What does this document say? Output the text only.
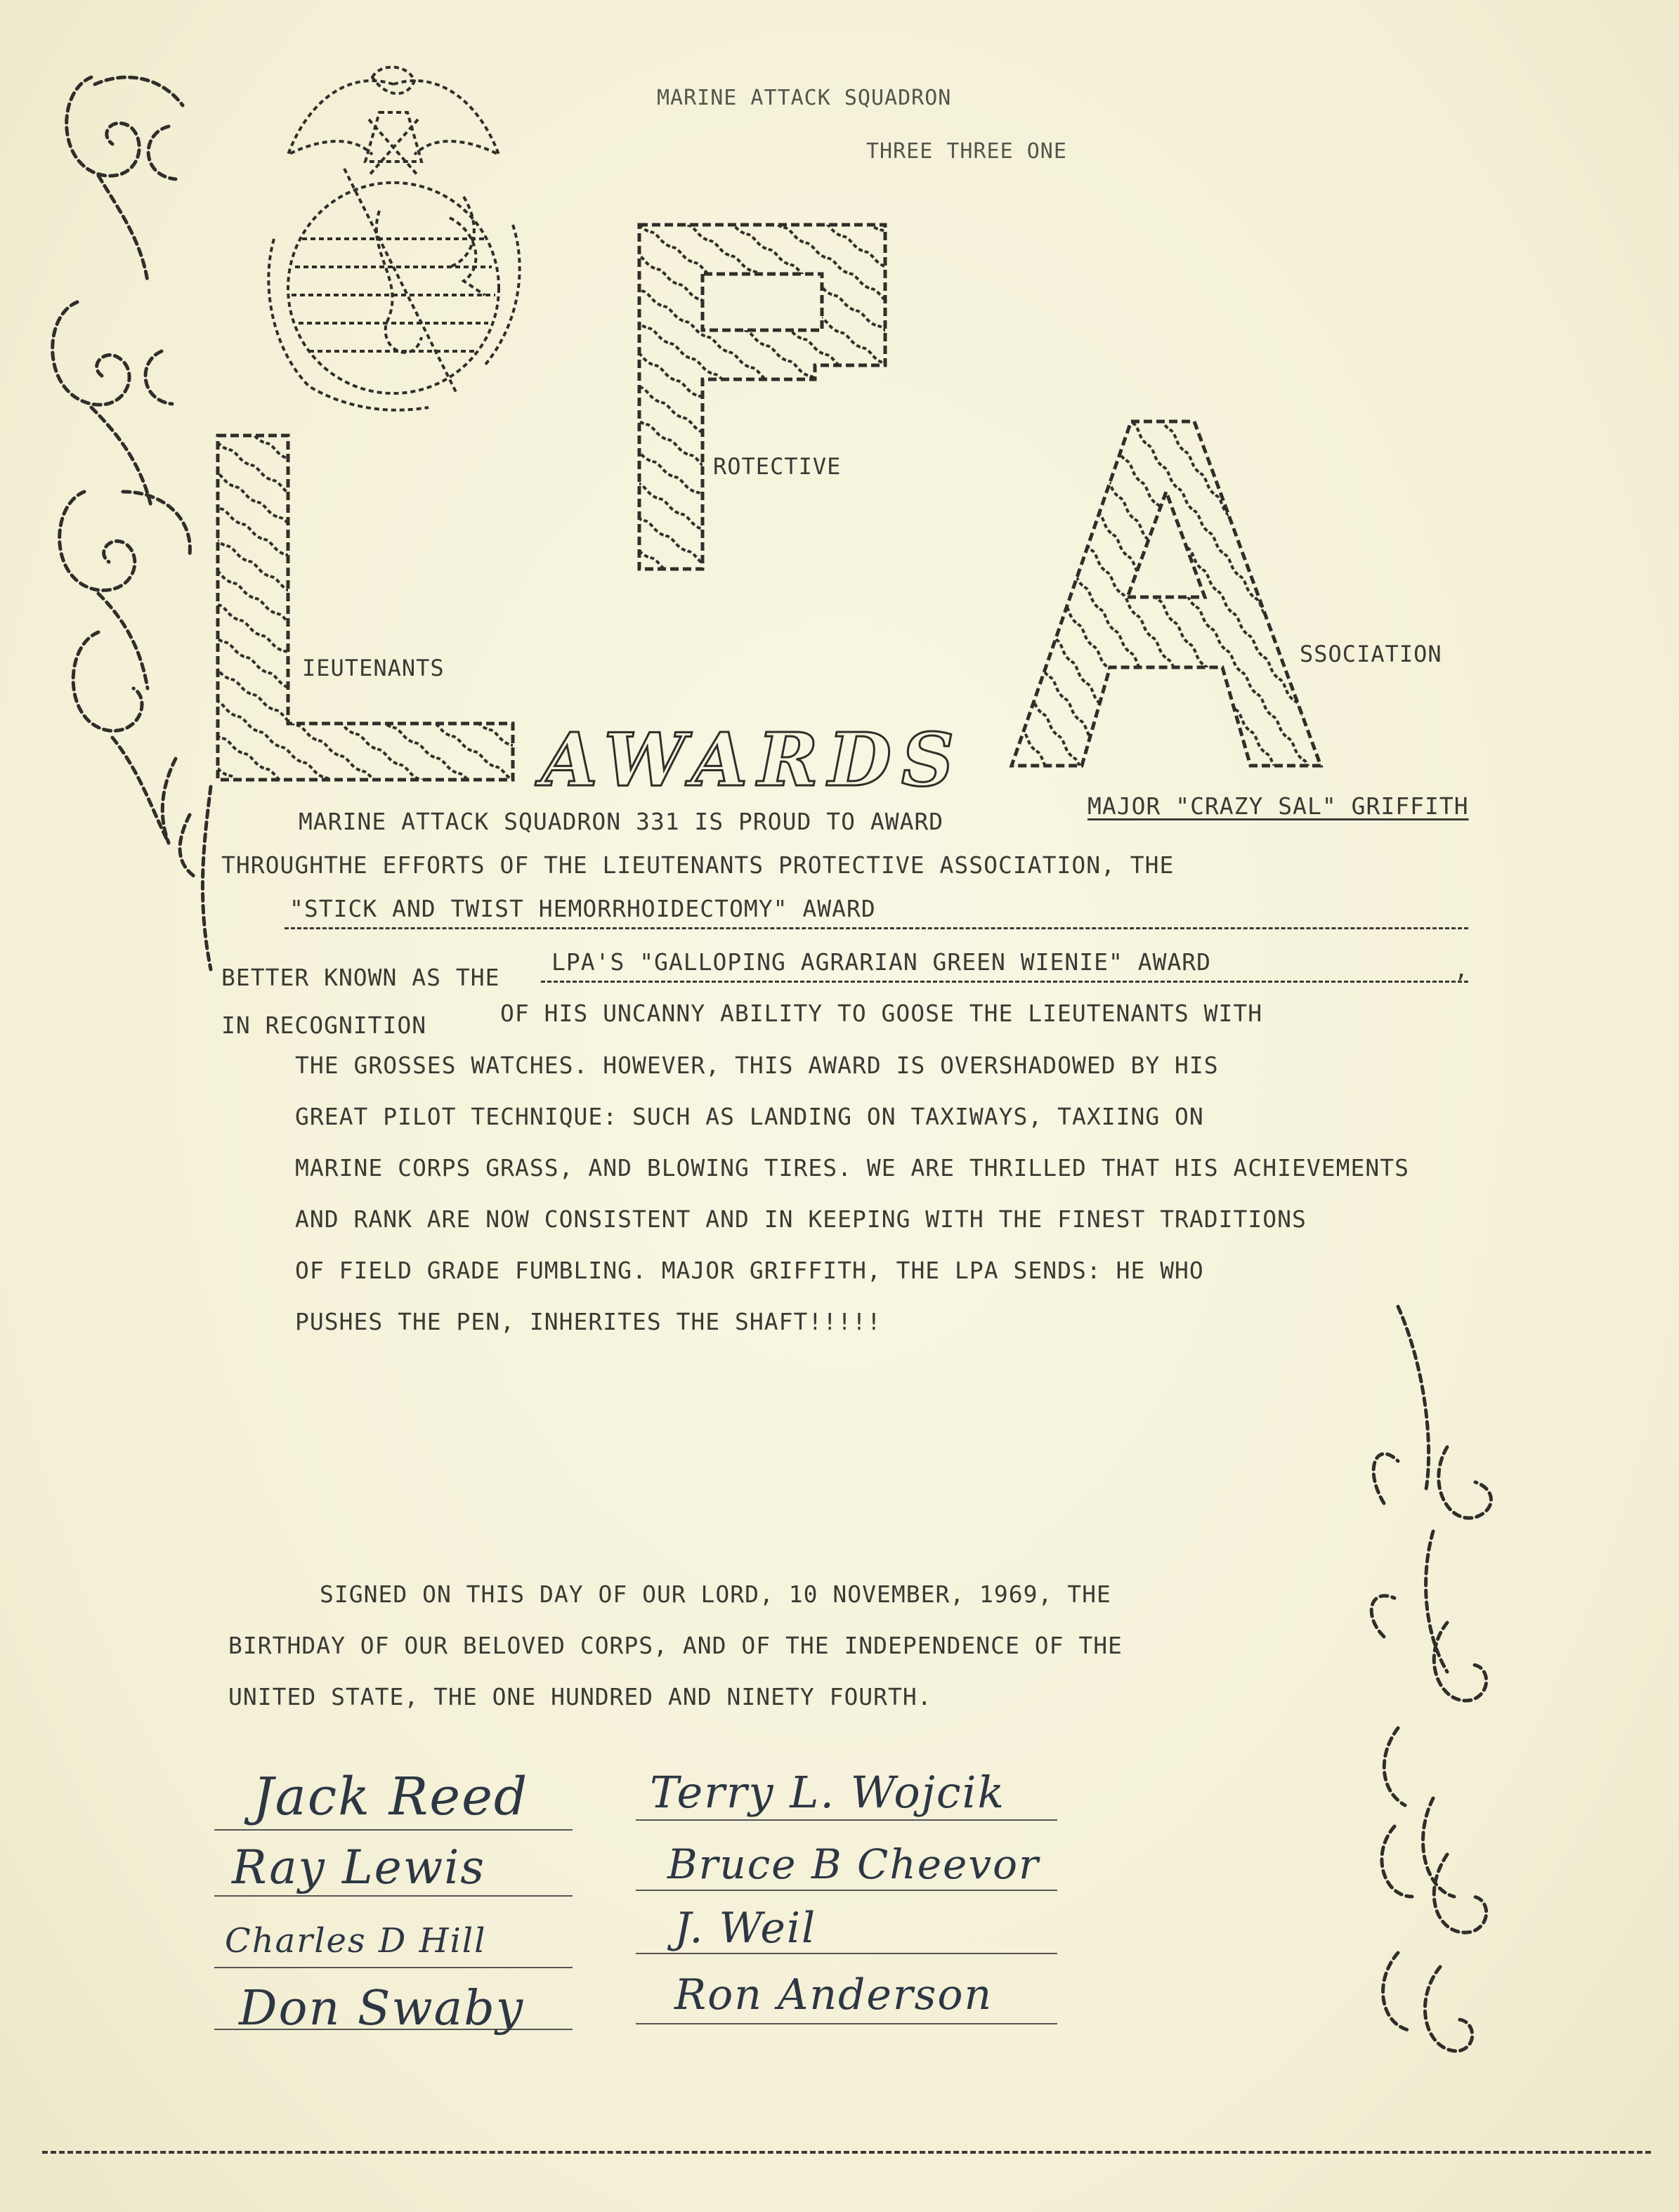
MARINE ATTACK SQUADRON
THREE THREE ONE
IEUTENANTS
ROTECTIVE
SSOCIATION
AWARDS
MARINE ATTACK SQUADRON 331 IS PROUD TO AWARD
MAJOR "CRAZY SAL" GRIFFITH
THROUGHTHE EFFORTS OF THE LIEUTENANTS PROTECTIVE ASSOCIATION, THE
"STICK AND TWIST HEMORRHOIDECTOMY" AWARD
BETTER KNOWN AS THE
LPA'S "GALLOPING AGRARIAN GREEN WIENIE" AWARD	,
IN RECOGNITION	OF HIS UNCANNY ABILITY TO GOOSE THE LIEUTENANTS WITH
THE GROSSES WATCHES. HOWEVER, THIS AWARD IS OVERSHADOWED BY HIS
GREAT PILOT TECHNIQUE: SUCH AS LANDING ON TAXIWAYS, TAXIING ON
MARINE CORPS GRASS, AND BLOWING TIRES. WE ARE THRILLED THAT HIS ACHIEVEMENTS
AND RANK ARE NOW CONSISTENT AND IN KEEPING WITH THE FINEST TRADITIONS
OF FIELD GRADE FUMBLING. MAJOR GRIFFITH, THE LPA SENDS: HE WHO
PUSHES THE PEN, INHERITES THE SHAFT!!!!!
SIGNED ON THIS DAY OF OUR LORD, 10 NOVEMBER, 1969, THE
BIRTHDAY OF OUR BELOVED CORPS, AND OF THE INDEPENDENCE OF THE
UNITED STATE, THE ONE HUNDRED AND NINETY FOURTH.
Jack Reed
Ray Lewis
Charles D Hill
Don Swaby
Terry L. Wojcik
Bruce B Cheevor
J. Weil
Ron Anderson
